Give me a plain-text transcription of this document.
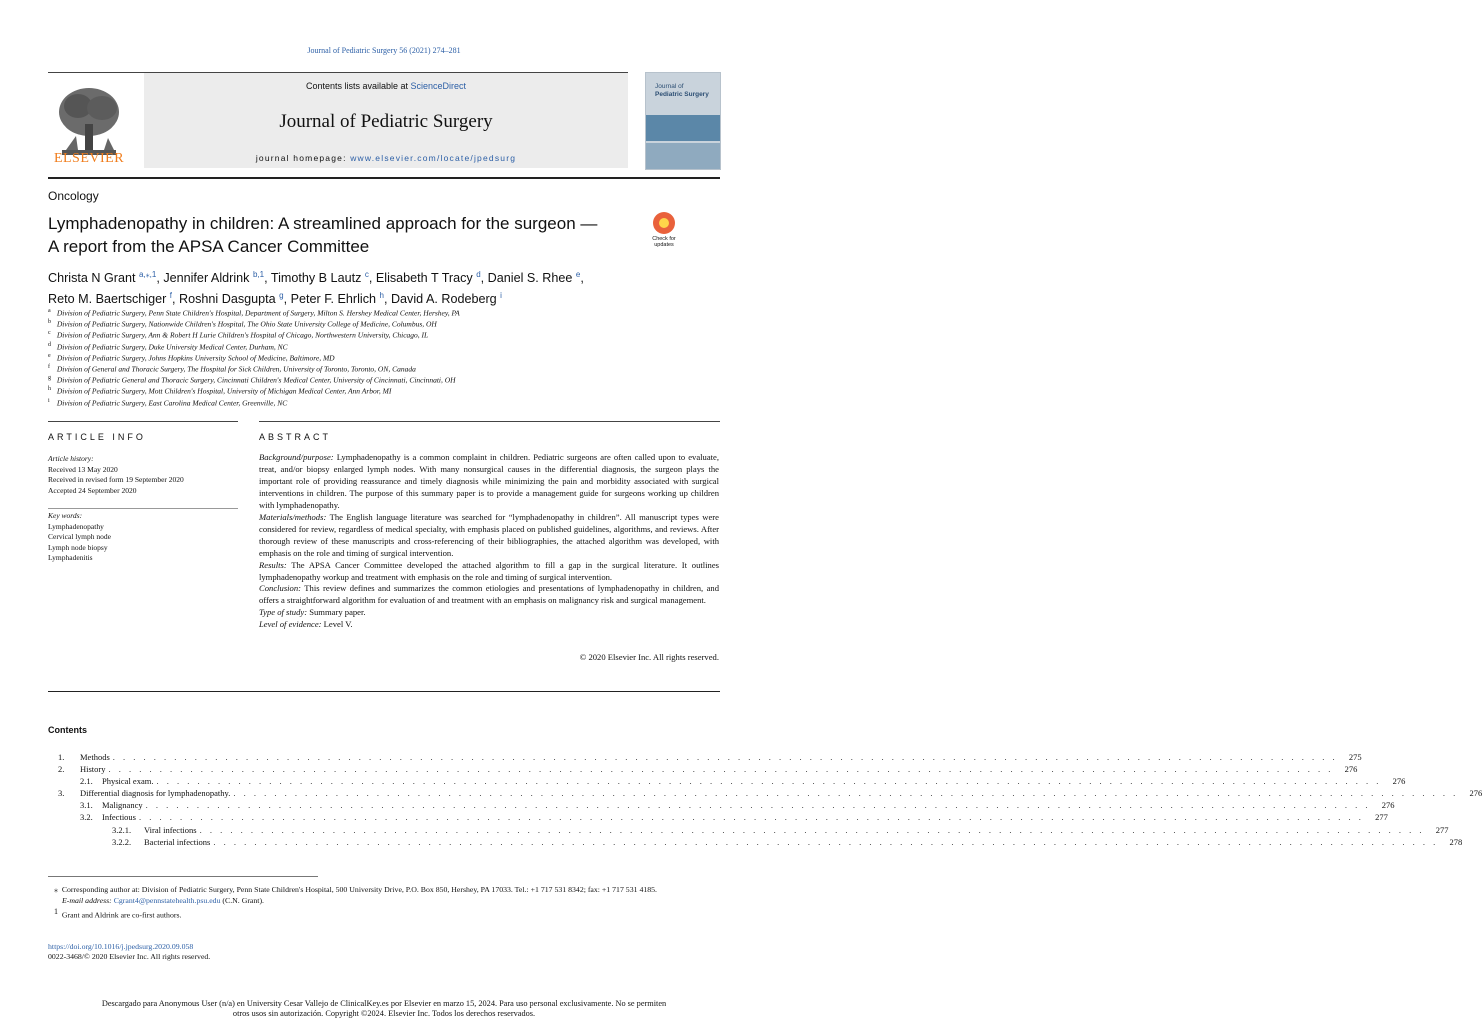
Journal of Pediatric Surgery 56 (2021) 274–281
Contents lists available at ScienceDirect
Journal of Pediatric Surgery
journal homepage: www.elsevier.com/locate/jpedsurg
ELSEVIER
Journal of
Pediatric Surgery
Oncology
Lymphadenopathy in children: A streamlined approach for the surgeon —
A report from the APSA Cancer Committee	Check for updates
Christa N Grant $^{a,⁎,1}$, Jennifer Aldrink $^{b,1}$, Timothy B Lautz $^c$, Elisabeth T Tracy $^d$, Daniel S. Rhee $^e$,
Reto M. Baertschiger $^f$, Roshni Dasgupta $^g$, Peter F. Ehrlich $^h$, David A. Rodeberg $^i$
a Division of Pediatric Surgery, Penn State Children's Hospital, Department of Surgery, Milton S. Hershey Medical Center, Hershey, PA
b Division of Pediatric Surgery, Nationwide Children's Hospital, The Ohio State University College of Medicine, Columbus, OH
c Division of Pediatric Surgery, Ann & Robert H Lurie Children's Hospital of Chicago, Northwestern University, Chicago, IL
d Division of Pediatric Surgery, Duke University Medical Center, Durham, NC
e Division of Pediatric Surgery, Johns Hopkins University School of Medicine, Baltimore, MD
f Division of General and Thoracic Surgery, The Hospital for Sick Children, University of Toronto, Toronto, ON, Canada
g Division of Pediatric General and Thoracic Surgery, Cincinnati Children's Medical Center, University of Cincinnati, Cincinnati, OH
h Division of Pediatric Surgery, Mott Children's Hospital, University of Michigan Medical Center, Ann Arbor, MI
i Division of Pediatric Surgery, East Carolina Medical Center, Greenville, NC
ARTICLE INFO	ABSTRACT
Article history:
Received 13 May 2020
Received in revised form 19 September 2020
Accepted 24 September 2020
Key words:
Lymphadenopathy
Cervical lymph node
Lymph node biopsy
Lymphadenitis
Background/purpose: Lymphadenopathy is a common complaint in children. Pediatric surgeons are often called upon to evaluate, treat, and/or biopsy enlarged lymph nodes. With many nonsurgical causes in the differential diagnosis, the surgeon plays the important role of providing reassurance and timely diagnosis while minimizing the pain and morbidity associated with surgical interventions in children. The purpose of this summary paper is to provide a management guide for surgeons working up children with lymphadenopathy.
Materials/methods: The English language literature was searched for “lymphadenopathy in children”. All manuscript types were considered for review, regardless of medical specialty, with emphasis placed on published guidelines, algorithms, and reviews. After thorough review of these manuscripts and cross-referencing of their bibliographies, the attached algorithm was developed, with emphasis on the role and timing of surgical intervention.
Results: The APSA Cancer Committee developed the attached algorithm to fill a gap in the surgical literature. It outlines lymphadenopathy workup and treatment with emphasis on the role and timing of surgical intervention.
Conclusion: This review defines and summarizes the common etiologies and presentations of lymphadenopathy in children, and offers a straightforward algorithm for evaluation of and treatment with an emphasis on malignancy risk and surgical management.
Type of study: Summary paper.
Level of evidence: Level V.
© 2020 Elsevier Inc. All rights reserved.
Contents
1.	Methods . . . . . . . . . . . . . . . . . . . . . . . . . . . . . . . . . . . . . . . . . . . . . . . . . . . . . . . . . . . . . . . . . . . . . . . . . . . . . . . . . . . . . . . . . . . . . . . . . . . . . . . . . . . . . . . . . . . . . . . .	275
2.	History . . . . . . . . . . . . . . . . . . . . . . . . . . . . . . . . . . . . . . . . . . . . . . . . . . . . . . . . . . . . . . . . . . . . . . . . . . . . . . . . . . . . . . . . . . . . . . . . . . . . . . . . . . . . . . . . . . . . . . . .	276
2.1.	Physical exam. . . . . . . . . . . . . . . . . . . . . . . . . . . . . . . . . . . . . . . . . . . . . . . . . . . . . . . . . . . . . . . . . . . . . . . . . . . . . . . . . . . . . . . . . . . . . . . . . . . . . . . . . . . . . . . . . . . . . . . . .	276
3.	Differential diagnosis for lymphadenopathy. . . . . . . . . . . . . . . . . . . . . . . . . . . . . . . . . . . . . . . . . . . . . . . . . . . . . . . . . . . . . . . . . . . . . . . . . . . . . . . . . . . . . . . . . . . . . . . . . . . . . . . . . . . . . . . . . . . . . . . . .	276
3.1.	Malignancy . . . . . . . . . . . . . . . . . . . . . . . . . . . . . . . . . . . . . . . . . . . . . . . . . . . . . . . . . . . . . . . . . . . . . . . . . . . . . . . . . . . . . . . . . . . . . . . . . . . . . . . . . . . . . . . . . . . . . . . .	276
3.2.	Infectious . . . . . . . . . . . . . . . . . . . . . . . . . . . . . . . . . . . . . . . . . . . . . . . . . . . . . . . . . . . . . . . . . . . . . . . . . . . . . . . . . . . . . . . . . . . . . . . . . . . . . . . . . . . . . . . . . . . . . . . .	277
3.2.1.	Viral infections . . . . . . . . . . . . . . . . . . . . . . . . . . . . . . . . . . . . . . . . . . . . . . . . . . . . . . . . . . . . . . . . . . . . . . . . . . . . . . . . . . . . . . . . . . . . . . . . . . . . . . . . . . . . . . . . . . . . . . . .	277
3.2.2.	Bacterial infections . . . . . . . . . . . . . . . . . . . . . . . . . . . . . . . . . . . . . . . . . . . . . . . . . . . . . . . . . . . . . . . . . . . . . . . . . . . . . . . . . . . . . . . . . . . . . . . . . . . . . . . . . . . . . . . . . . . . . . . .	278
⁎ Corresponding author at: Division of Pediatric Surgery, Penn State Children's Hospital, 500 University Drive, P.O. Box 850, Hershey, PA 17033. Tel.: +1 717 531 8342; fax: +1 717 531 4185.
E-mail address: Cgrant4@pennstatehealth.psu.edu (C.N. Grant).
$^1$ Grant and Aldrink are co-first authors.
https://doi.org/10.1016/j.jpedsurg.2020.09.058
0022-3468/© 2020 Elsevier Inc. All rights reserved.
Descargado para Anonymous User (n/a) en University Cesar Vallejo de ClinicalKey.es por Elsevier en marzo 15, 2024. Para uso personal exclusivamente. No se permiten otros usos sin autorización. Copyright ©2024. Elsevier Inc. Todos los derechos reservados.
